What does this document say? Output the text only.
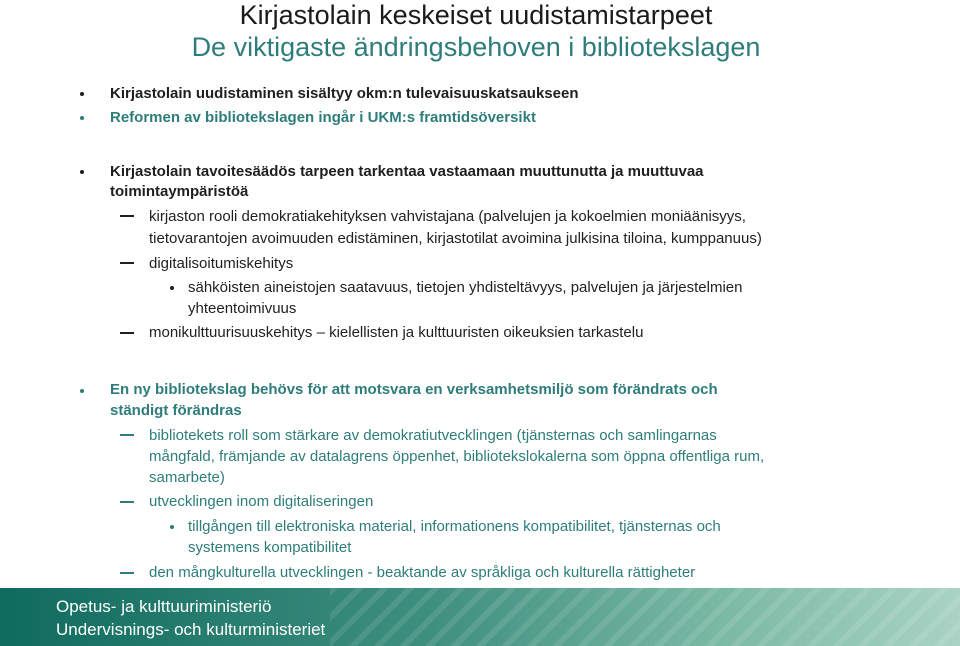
Kirjastolain keskeiset uudistamistarpeet
De viktigaste ändringsbehoven i bibliotekslagen
Kirjastolain uudistaminen sisältyy okm:n tulevaisuuskatsaukseen
Reformen av bibliotekslagen ingår i UKM:s framtidsöversikt
Kirjastolain tavoitesäädös tarpeen tarkentaa vastaamaan muuttunutta ja muuttuvaa
toimintaympäristöä
kirjaston rooli demokratiakehityksen vahvistajana (palvelujen ja kokoelmien moniäänisyys,
tietovarantojen avoimuuden edistäminen, kirjastotilat avoimina julkisina tiloina, kumppanuus)
digitalisoitumiskehitys
sähköisten aineistojen saatavuus, tietojen yhdisteltävyys, palvelujen ja järjestelmien
yhteentoimivuus
monikulttuurisuuskehitys – kielellisten ja kulttuuristen oikeuksien tarkastelu
En ny bibliotekslag behövs för att motsvara en verksamhetsmiljö som förändrats och
ständigt förändras
bibliotekets roll som stärkare av demokratiutvecklingen (tjänsternas och samlingarnas
mångfald, främjande av datalagrens öppenhet, bibliotekslokalerna som öppna offentliga rum,
samarbete)
utvecklingen inom digitaliseringen
tillgången till elektroniska material, informationens kompatibilitet, tjänsternas och
systemens kompatibilitet
den mångkulturella utvecklingen - beaktande av språkliga och kulturella rättigheter
Opetus- ja kulttuuriministeriö
Undervisnings- och kulturministeriet
